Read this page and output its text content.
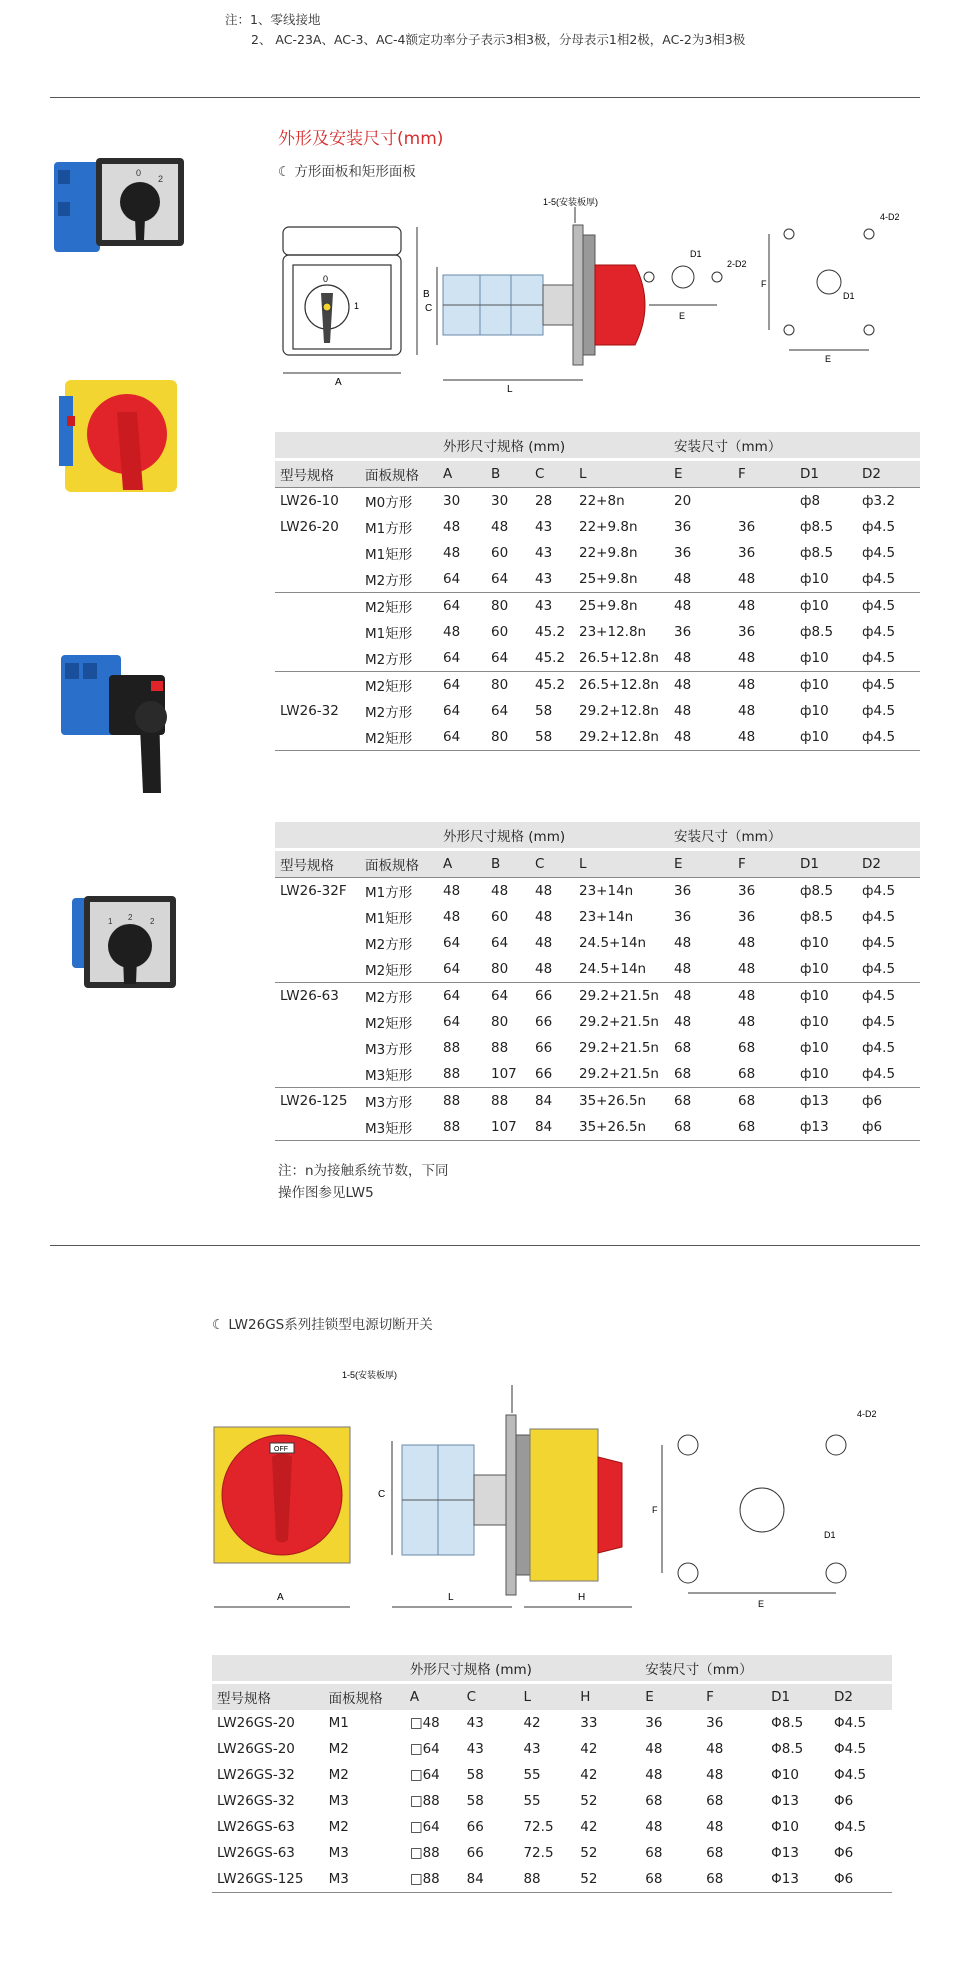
注：1、零线接地
2、 AC-23A、AC-3、AC-4额定功率分子表示3相3极，分母表示1相2极，AC-2为3相3极
2
0
1 2 2
外形及安装尺寸(mm)
☾ 方形面板和矩形面板
0
1
A
B
C
1-5(安装板厚)
L
D1
2-D2
E
F
4-D2
D1
E
		外形尺寸规格 (mm)				安装尺寸（mm）			
型号规格	面板规格	A	B	C	L	E	F	D1	D2
LW26-10	M0方形	30	30	28	22+8n	20		ф8	ф3.2
LW26-20	M1方形	48	48	43	22+9.8n	36	36	ф8.5	ф4.5
	M1矩形	48	60	43	22+9.8n	36	36	ф8.5	ф4.5
	M2方形	64	64	43	25+9.8n	48	48	ф10	ф4.5
	M2矩形	64	80	43	25+9.8n	48	48	ф10	ф4.5
	M1矩形	48	60	45.2	23+12.8n	36	36	ф8.5	ф4.5
	M2方形	64	64	45.2	26.5+12.8n	48	48	ф10	ф4.5
	M2矩形	64	80	45.2	26.5+12.8n	48	48	ф10	ф4.5
LW26-32	M2方形	64	64	58	29.2+12.8n	48	48	ф10	ф4.5
	M2矩形	64	80	58	29.2+12.8n	48	48	ф10	ф4.5
		外形尺寸规格 (mm)				安装尺寸（mm）			
型号规格	面板规格	A	B	C	L	E	F	D1	D2
LW26-32F	M1方形	48	48	48	23+14n	36	36	ф8.5	ф4.5
	M1矩形	48	60	48	23+14n	36	36	ф8.5	ф4.5
	M2方形	64	64	48	24.5+14n	48	48	ф10	ф4.5
	M2矩形	64	80	48	24.5+14n	48	48	ф10	ф4.5
LW26-63	M2方形	64	64	66	29.2+21.5n	48	48	ф10	ф4.5
	M2矩形	64	80	66	29.2+21.5n	48	48	ф10	ф4.5
	M3方形	88	88	66	29.2+21.5n	68	68	ф10	ф4.5
	M3矩形	88	107	66	29.2+21.5n	68	68	ф10	ф4.5
LW26-125	M3方形	88	88	84	35+26.5n	68	68	ф13	ф6
	M3矩形	88	107	84	35+26.5n	68	68	ф13	ф6
注：n为接触系统节数，下同
操作图参见LW5
☾ LW26GS系列挂锁型电源切断开关
OFF
A
C
1-5(安装板厚)
L	H
F
4-D2
D1
E
		外形尺寸规格 (mm)				安装尺寸（mm）			
型号规格	面板规格	A	C	L	H	E	F	D1	D2
LW26GS-20	M1	□48	43	42	33	36	36	Φ8.5	Φ4.5
LW26GS-20	M2	□64	43	43	42	48	48	Φ8.5	Φ4.5
LW26GS-32	M2	□64	58	55	42	48	48	Φ10	Φ4.5
LW26GS-32	M3	□88	58	55	52	68	68	Φ13	Φ6
LW26GS-63	M2	□64	66	72.5	42	48	48	Φ10	Φ4.5
LW26GS-63	M3	□88	66	72.5	52	68	68	Φ13	Φ6
LW26GS-125	M3	□88	84	88	52	68	68	Φ13	Φ6
